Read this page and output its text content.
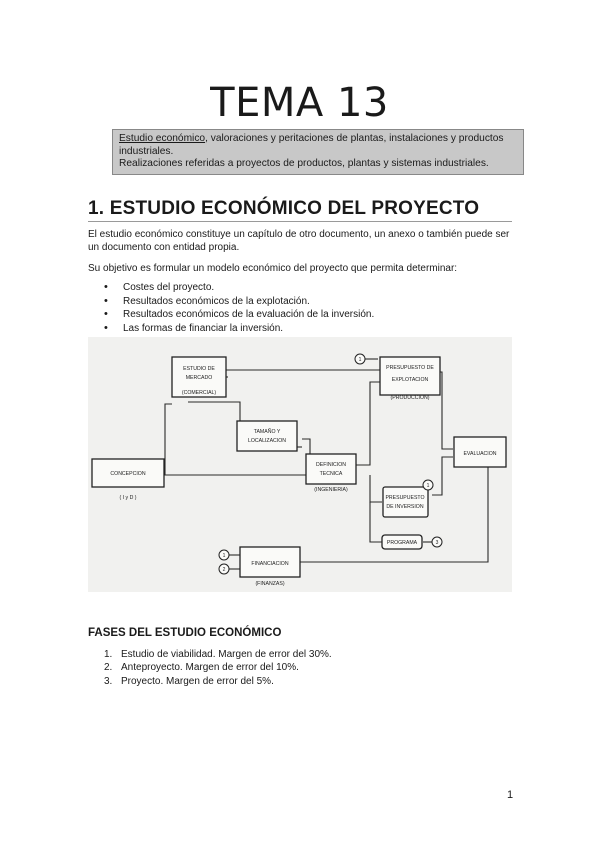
TEMA 13
Estudio económico, valoraciones y peritaciones de plantas, instalaciones y productos industriales.
Realizaciones referidas a proyectos de productos, plantas y sistemas industriales.
1. ESTUDIO ECONÓMICO DEL PROYECTO
El estudio económico constituye un capítulo de otro documento, un anexo o también puede ser un documento con entidad propia.
Su objetivo es formular un modelo económico del proyecto que permita determinar:
• Costes del proyecto.
• Resultados económicos de la explotación.
• Resultados económicos de la evaluación de la inversión.
• Las formas de financiar la inversión.
1
1
3
1
2
CONCEPCION
( I y D )
ESTUDIO DE
MERCADO
(COMERCIAL)
TAMAÑO Y
LOCALIZACION
DEFINICION
TECNICA
(INGENIERIA)
PRESUPUESTO DE
EXPLOTACION
(PRODUCCION)
EVALUACION
PRESUPUESTO
DE INVERSION
PROGRAMA
FINANCIACION
(FINANZAS)
FASES DEL ESTUDIO ECONÓMICO
1. Estudio de viabilidad. Margen de error del 30%.
2. Anteproyecto. Margen de error del 10%.
3. Proyecto. Margen de error del 5%.
1
